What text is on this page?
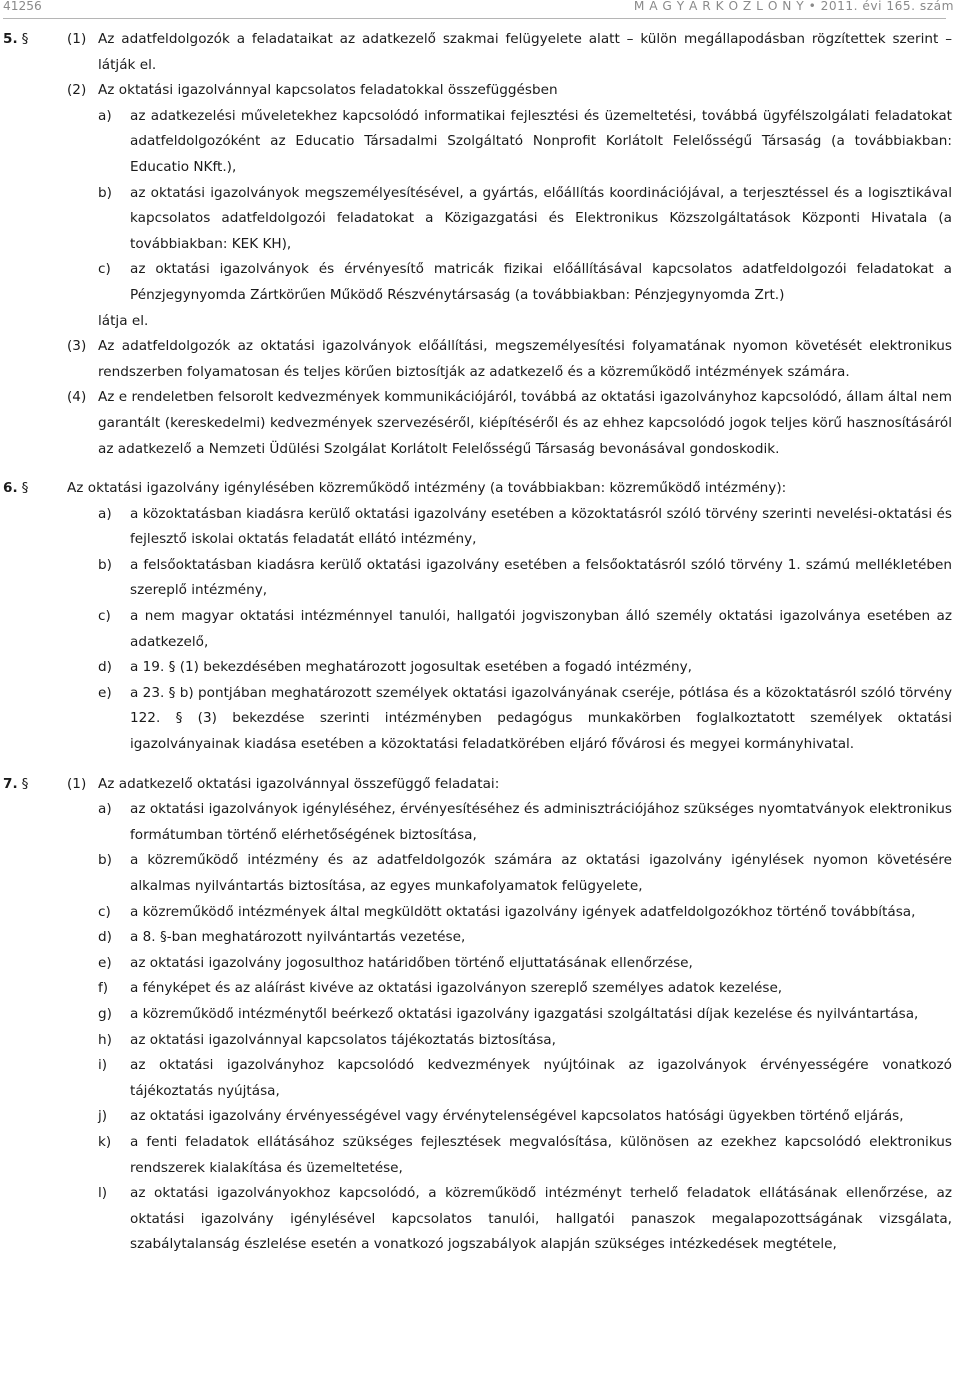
41256	M A G Y A R K Ö Z L Ö N Y • 2011. évi 165. szám
5. §	(1) Az adatfeldolgozók a feladataikat az adatkezelő szakmai felügyelete alatt – külön megállapodásban rögzítettek szerint – látják el.
(2) Az oktatási igazolvánnyal kapcsolatos feladatokkal összefüggésben
a) az adatkezelési műveletekhez kapcsolódó informatikai fejlesztési és üzemeltetési, továbbá ügyfélszolgálati feladatokat adatfeldolgozóként az Educatio Társadalmi Szolgáltató Nonprofit Korlátolt Felelősségű Társaság (a továbbiakban: Educatio NKft.),
b) az oktatási igazolványok megszemélyesítésével, a gyártás, előállítás koordinációjával, a terjesztéssel és a logisztikával kapcsolatos adatfeldolgozói feladatokat a Közigazgatási és Elektronikus Közszolgáltatások Központi Hivatala (a továbbiakban: KEK KH),
c) az oktatási igazolványok és érvényesítő matricák fizikai előállításával kapcsolatos adatfeldolgozói feladatokat a Pénzjegynyomda Zártkörűen Működő Részvénytársaság (a továbbiakban: Pénzjegynyomda Zrt.)
látja el.
(3) Az adatfeldolgozók az oktatási igazolványok előállítási, megszemélyesítési folyamatának nyomon követését elektronikus rendszerben folyamatosan és teljes körűen biztosítják az adatkezelő és a közreműködő intézmények számára.
(4) Az e rendeletben felsorolt kedvezmények kommunikációjáról, továbbá az oktatási igazolványhoz kapcsolódó, állam által nem garantált (kereskedelmi) kedvezmények szervezéséről, kiépítéséről és az ehhez kapcsolódó jogok teljes körű hasznosításáról az adatkezelő a Nemzeti Üdülési Szolgálat Korlátolt Felelősségű Társaság bevonásával gondoskodik.
6. §	Az oktatási igazolvány igénylésében közreműködő intézmény (a továbbiakban: közreműködő intézmény):
a) a közoktatásban kiadásra kerülő oktatási igazolvány esetében a közoktatásról szóló törvény szerinti nevelési-oktatási és fejlesztő iskolai oktatás feladatát ellátó intézmény,
b) a felsőoktatásban kiadásra kerülő oktatási igazolvány esetében a felsőoktatásról szóló törvény 1. számú mellékletében szereplő intézmény,
c) a nem magyar oktatási intézménnyel tanulói, hallgatói jogviszonyban álló személy oktatási igazolványa esetében az adatkezelő,
d) a 19. § (1) bekezdésében meghatározott jogosultak esetében a fogadó intézmény,
e) a 23. § b) pontjában meghatározott személyek oktatási igazolványának cseréje, pótlása és a közoktatásról szóló törvény 122. § (3) bekezdése szerinti intézményben pedagógus munkakörben foglalkoztatott személyek oktatási igazolványainak kiadása esetében a közoktatási feladatkörében eljáró fővárosi és megyei kormányhivatal.
7. §	(1) Az adatkezelő oktatási igazolvánnyal összefüggő feladatai:
a) az oktatási igazolványok igényléséhez, érvényesítéséhez és adminisztrációjához szükséges nyomtatványok elektronikus formátumban történő elérhetőségének biztosítása,
b) a közreműködő intézmény és az adatfeldolgozók számára az oktatási igazolvány igénylések nyomon követésére alkalmas nyilvántartás biztosítása, az egyes munkafolyamatok felügyelete,
c) a közreműködő intézmények által megküldött oktatási igazolvány igények adatfeldolgozókhoz történő továbbítása,
d) a 8. §-ban meghatározott nyilvántartás vezetése,
e) az oktatási igazolvány jogosulthoz határidőben történő eljuttatásának ellenőrzése,
f) a fényképet és az aláírást kivéve az oktatási igazolványon szereplő személyes adatok kezelése,
g) a közreműködő intézménytől beérkező oktatási igazolvány igazgatási szolgáltatási díjak kezelése és nyilvántartása,
h) az oktatási igazolvánnyal kapcsolatos tájékoztatás biztosítása,
i) az oktatási igazolványhoz kapcsolódó kedvezmények nyújtóinak az igazolványok érvényességére vonatkozó tájékoztatás nyújtása,
j) az oktatási igazolvány érvényességével vagy érvénytelenségével kapcsolatos hatósági ügyekben történő eljárás,
k) a fenti feladatok ellátásához szükséges fejlesztések megvalósítása, különösen az ezekhez kapcsolódó elektronikus rendszerek kialakítása és üzemeltetése,
l) az oktatási igazolványokhoz kapcsolódó, a közreműködő intézményt terhelő feladatok ellátásának ellenőrzése, az oktatási igazolvány igénylésével kapcsolatos tanulói, hallgatói panaszok megalapozottságának vizsgálata, szabálytalanság észlelése esetén a vonatkozó jogszabályok alapján szükséges intézkedések megtétele,
